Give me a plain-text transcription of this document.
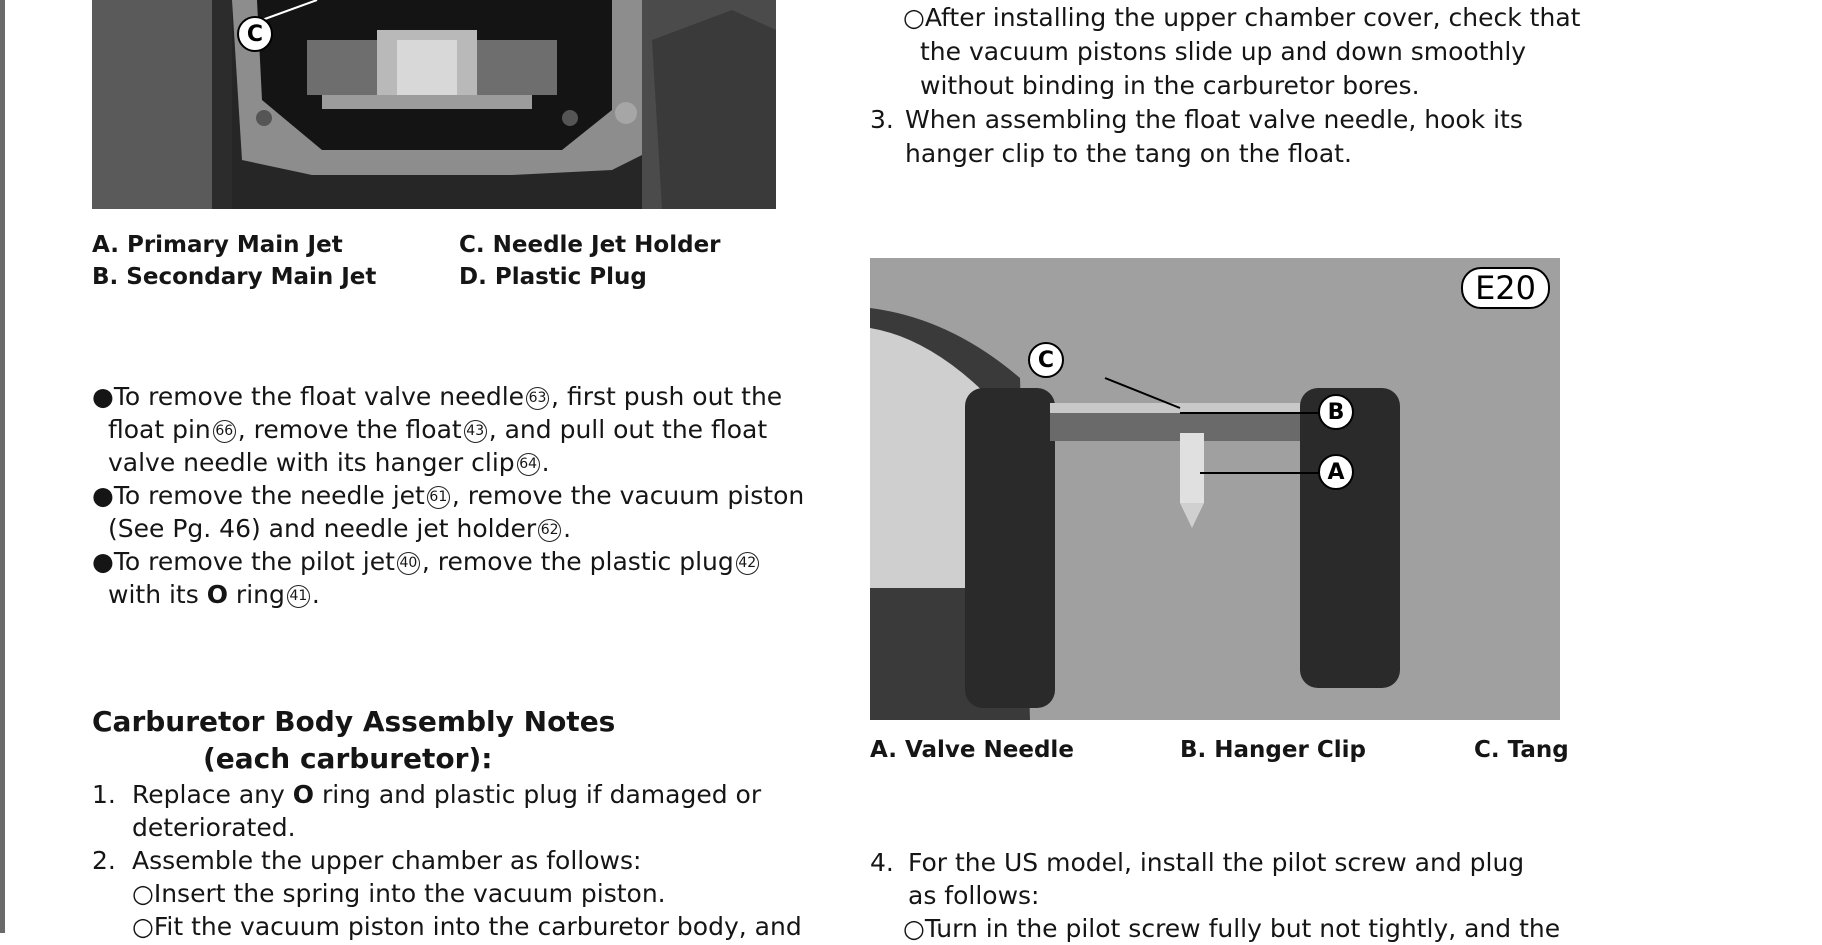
C
A. Primary Main Jet
B. Secondary Main Jet
C. Needle Jet Holder
D. Plastic Plug
●To remove the float valve needle 63 , first push out the
float pin 66 , remove the float 43 , and pull out the float
valve needle with its hanger clip 64 .
●To remove the needle jet 61 , remove the vacuum piston
(See Pg. 46) and needle jet holder 62 .
●To remove the pilot jet 40 , remove the plastic plug 42
with its O ring 41 .
Carburetor Body Assembly Notes
(each carburetor):
1. Replace any O ring and plastic plug if damaged or
deteriorated.
2. Assemble the upper chamber as follows:
○Insert the spring into the vacuum piston.
○Fit the vacuum piston into the carburetor body, and
○After installing the upper chamber cover, check that
the vacuum pistons slide up and down smoothly
without binding in the carburetor bores.
3. When assembling the float valve needle, hook its
hanger clip to the tang on the float.
E20
C
B
A
A. Valve Needle	B. Hanger Clip	C. Tang
4. For the US model, install the pilot screw and plug
as follows:
○Turn in the pilot screw fully but not tightly, and the
